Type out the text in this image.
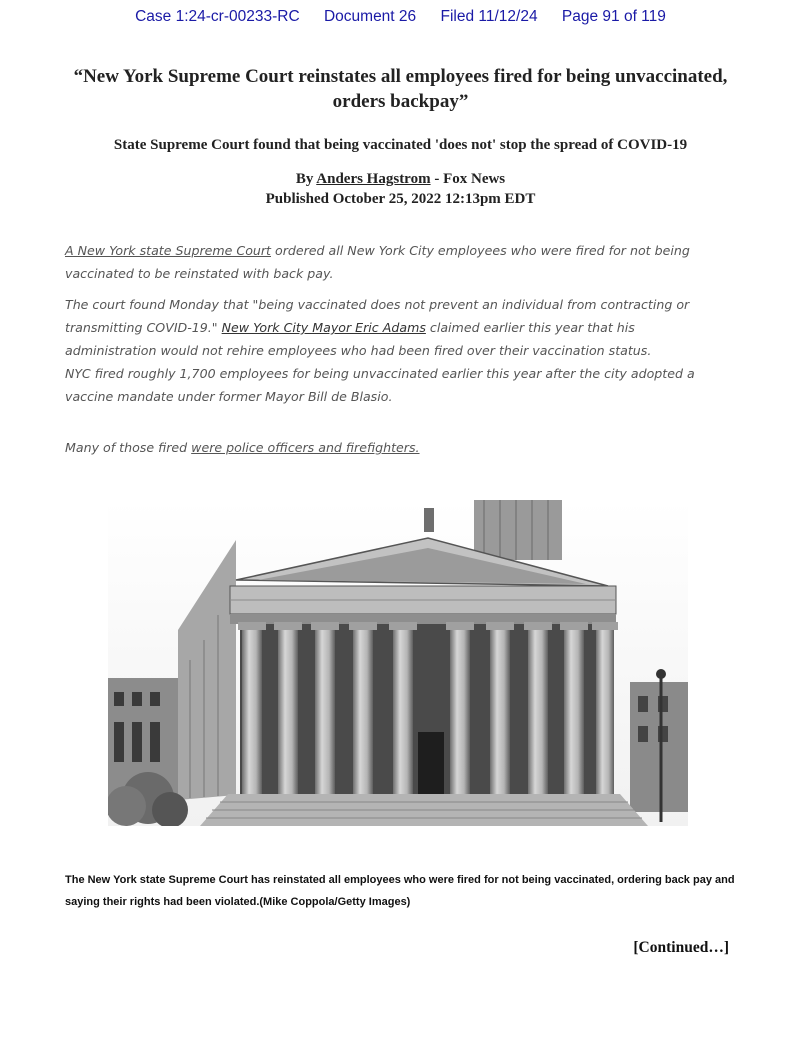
Case 1:24-cr-00233-RC Document 26 Filed 11/12/24 Page 91 of 119
“New York Supreme Court reinstates all employees fired for being unvaccinated,
orders backpay”
State Supreme Court found that being vaccinated 'does not' stop the spread of COVID-19
By Anders Hagstrom - Fox News
Published October 25, 2022 12:13pm EDT
A New York state Supreme Court ordered all New York City employees who were fired for not being vaccinated to be reinstated with back pay.
The court found Monday that "being vaccinated does not prevent an individual from contracting or transmitting COVID-19." New York City Mayor Eric Adams claimed earlier this year that his administration would not rehire employees who had been fired over their vaccination status.
NYC fired roughly 1,700 employees for being unvaccinated earlier this year after the city adopted a vaccine mandate under former Mayor Bill de Blasio.
Many of those fired were police officers and firefighters.
The New York state Supreme Court has reinstated all employees who were fired for not being vaccinated, ordering back pay and saying their rights had been violated.(Mike Coppola/Getty Images)
[Continued…]
